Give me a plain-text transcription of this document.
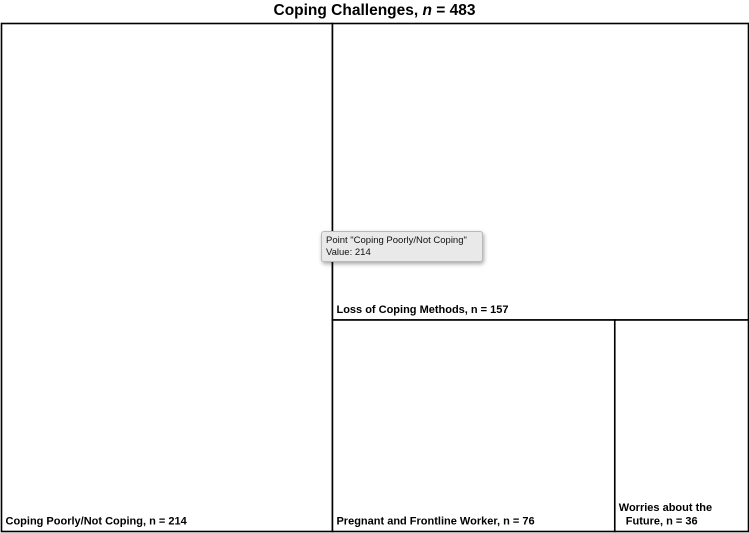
Coping Challenges, n = 483
Coping Poorly/Not Coping, n = 214
Loss of Coping Methods, n = 157
Pregnant and Frontline Worker, n = 76
Worries about the Future, n = 36
Point "Coping Poorly/Not Coping"
Value: 214
